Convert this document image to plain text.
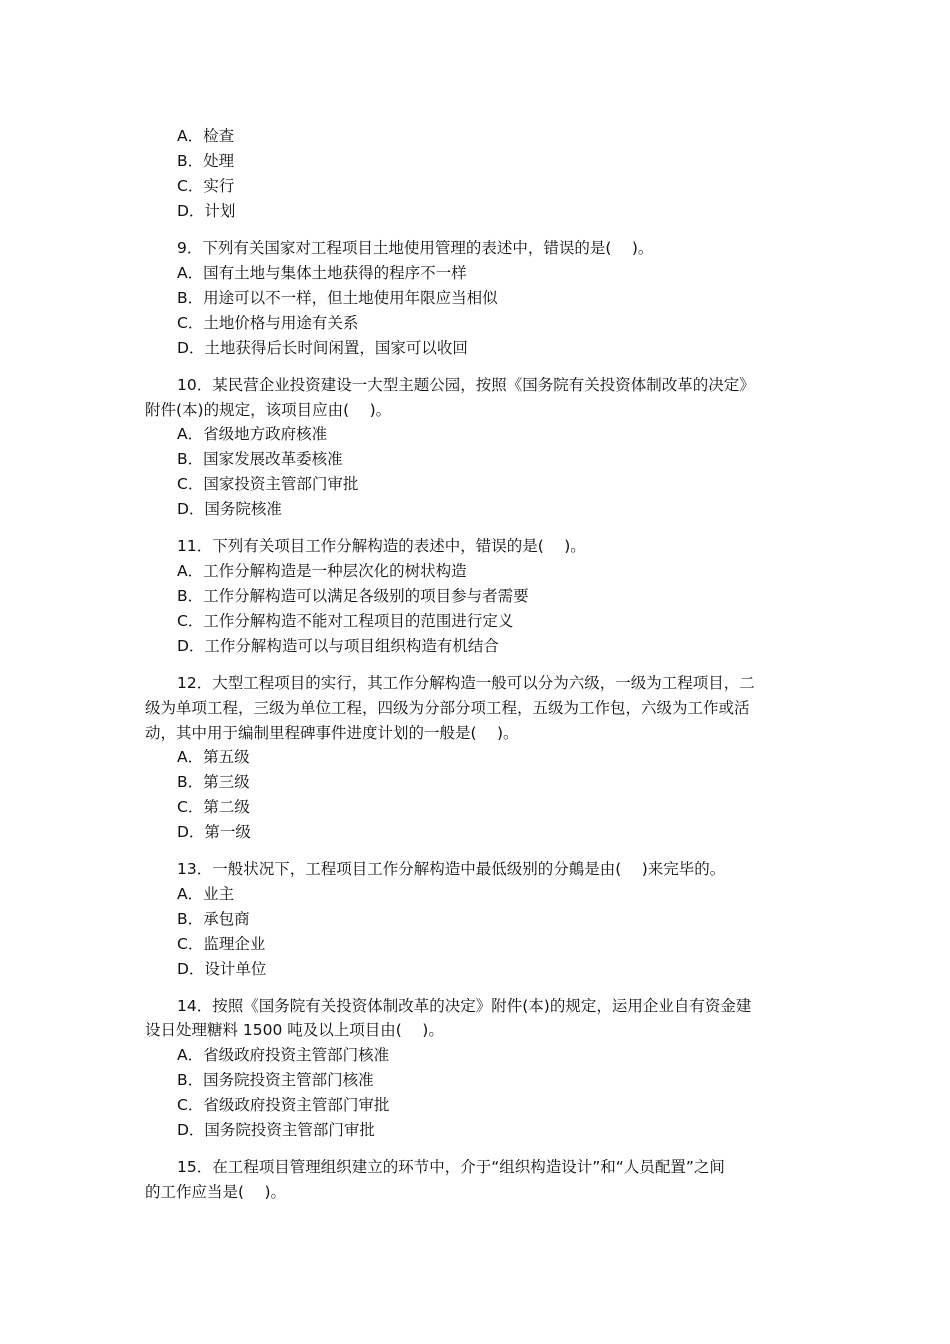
A．检查
B．处理
C．实行
D．计划
9．下列有关国家对工程项目土地使用管理的表述中，错误的是(　 )。
A．国有土地与集体土地获得的程序不一样
B．用途可以不一样，但土地使用年限应当相似
C．土地价格与用途有关系
D．土地获得后长时间闲置，国家可以收回
10．某民营企业投资建设一大型主题公园，按照《国务院有关投资体制改革的决定》
附件(本)的规定，该项目应由(　 )。
A．省级地方政府核准
B．国家发展改革委核准
C．国家投资主管部门审批
D．国务院核准
11．下列有关项目工作分解构造的表述中，错误的是(　 )。
A．工作分解构造是一种层次化的树状构造
B．工作分解构造可以满足各级别的项目参与者需要
C．工作分解构造不能对工程项目的范围进行定义
D．工作分解构造可以与项目组织构造有机结合
12．大型工程项目的实行，其工作分解构造一般可以分为六级，一级为工程项目，二
级为单项工程，三级为单位工程，四级为分部分项工程，五级为工作包，六级为工作或活
动，其中用于编制里程碑事件进度计划的一般是(　 )。
A．第五级
B．第三级
C．第二级
D．第一级
13．一般状况下，工程项目工作分解构造中最低级别的分鷏是由(　 )来完毕的。
A．业主
B．承包商
C．监理企业
D．设计单位
14．按照《国务院有关投资体制改革的决定》附件(本)的规定，运用企业自有资金建
设日处理糖料 1500 吨及以上项目由(　 )。
A．省级政府投资主管部门核准
B．国务院投资主管部门核准
C．省级政府投资主管部门审批
D．国务院投资主管部门审批
15．在工程项目管理组织建立的环节中，介于“组织构造设计”和“人员配置”之间
的工作应当是(　 )。
